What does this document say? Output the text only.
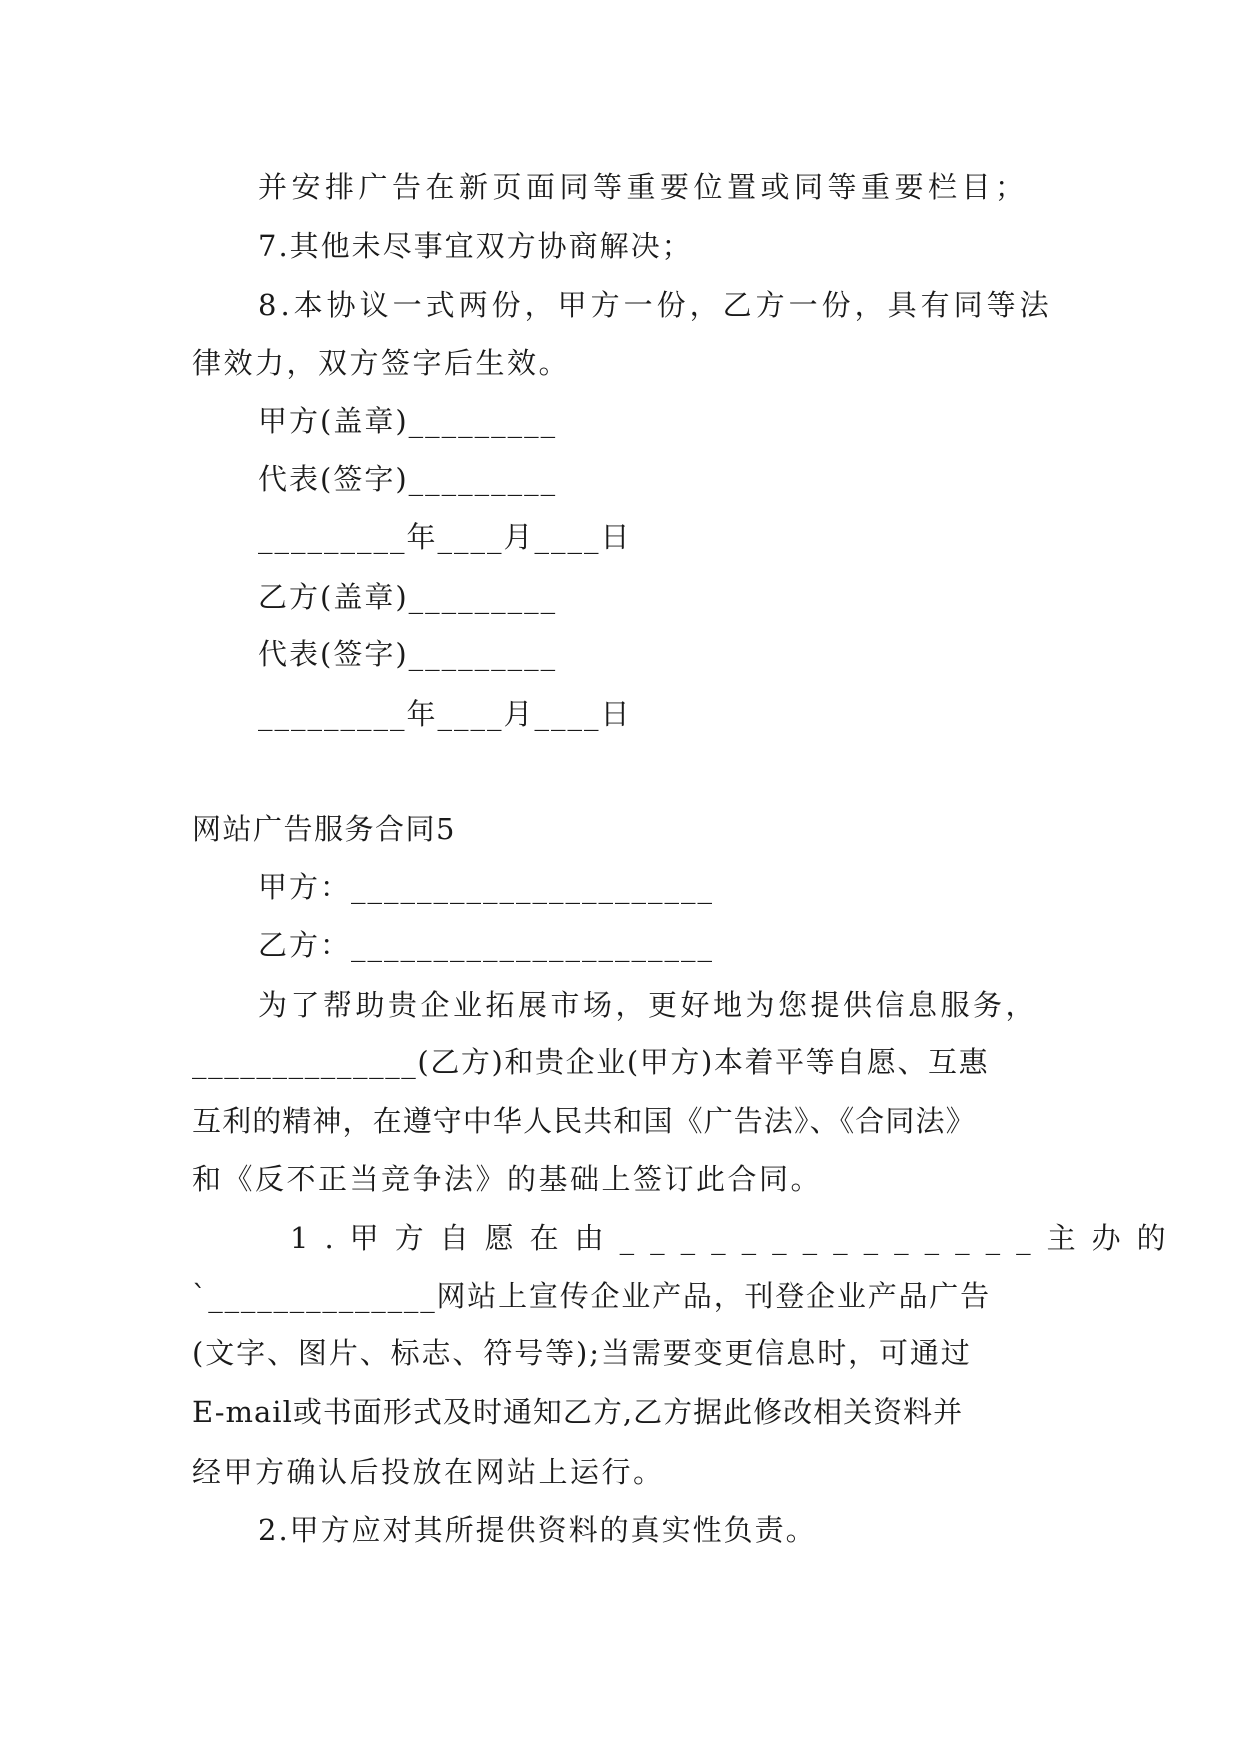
并安排广告在新页面同等重要位置或同等重要栏目；
7.其他未尽事宜双方协商解决；
8.本协议一式两份，甲方一份，乙方一份，具有同等法
律效力，双方签字后生效。
甲方(盖章)_________
代表(签字)_________
_________年____月____日
乙方(盖章)_________
代表(签字)_________
_________年____月____日
网站广告服务合同5
甲方：______________________
乙方：______________________
为了帮助贵企业拓展市场，更好地为您提供信息服务，
______________(乙方)和贵企业(甲方)本着平等自愿、互惠
互利的精神，在遵守中华人民共和国《广告法》、《合同法》
和《反不正当竞争法》的基础上签订此合同。
1.甲方自愿在由______________主办的
`______________网站上宣传企业产品，刊登企业产品广告
(文字、图片、标志、符号等);当需要变更信息时，可通过
E-mail或书面形式及时通知乙方,乙方据此修改相关资料并
经甲方确认后投放在网站上运行。
2.甲方应对其所提供资料的真实性负责。
